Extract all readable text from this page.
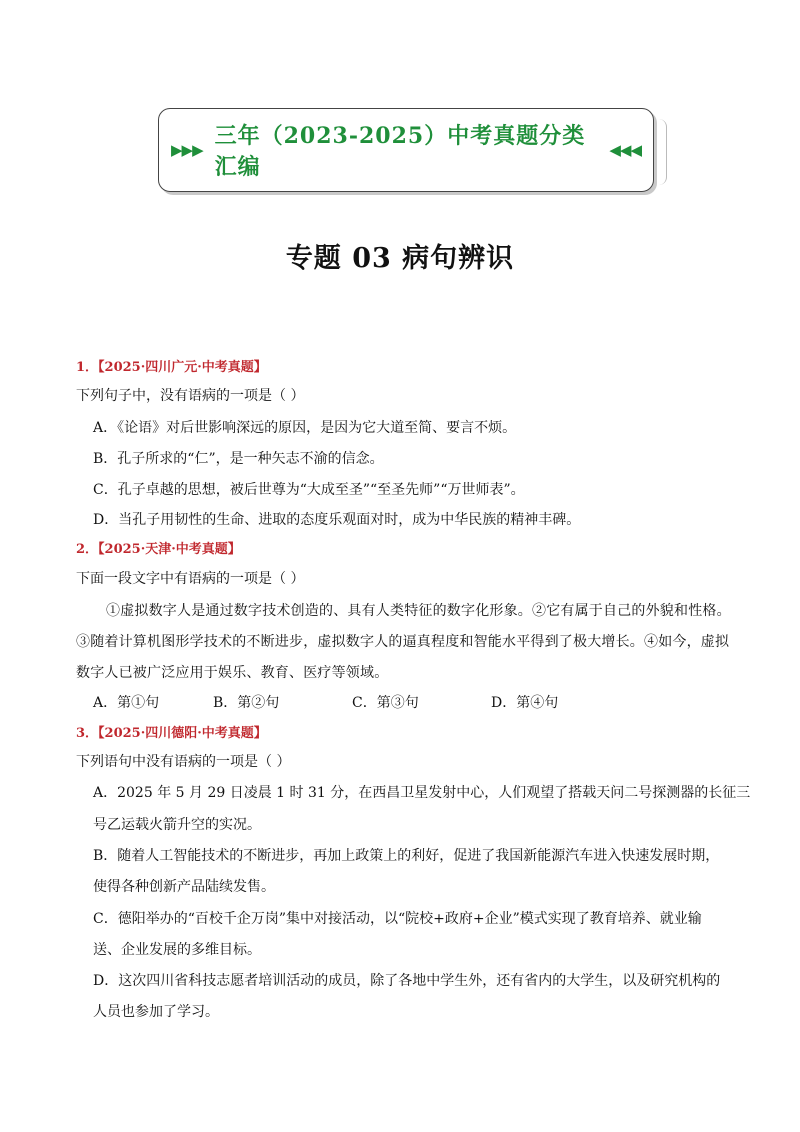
▶▶▶
三年（2023-2025）中考真题分类汇编
◀◀◀
专题 03 病句辨识
1．【2025·四川广元·中考真题】
下列句子中，没有语病的一项是（ ）
A．《论语》对后世影响深远的原因，是因为它大道至简、要言不烦。
B．孔子所求的“仁”，是一种矢志不渝的信念。
C．孔子卓越的思想，被后世尊为“大成至圣”“至圣先师”“万世师表”。
D．当孔子用韧性的生命、进取的态度乐观面对时，成为中华民族的精神丰碑。
2．【2025·天津·中考真题】
下面一段文字中有语病的一项是（ ）
①虚拟数字人是通过数字技术创造的、具有人类特征的数字化形象。②它有属于自己的外貌和性格。
③随着计算机图形学技术的不断进步，虚拟数字人的逼真程度和智能水平得到了极大增长。④如今，虚拟
数字人已被广泛应用于娱乐、教育、医疗等领域。
A．第①句	B．第②句	C．第③句	D．第④句
3．【2025·四川德阳·中考真题】
下列语句中没有语病的一项是（ ）
A．2025 年 5 月 29 日凌晨 1 时 31 分，在西昌卫星发射中心，人们观望了搭载天问二号探测器的长征三
号乙运载火箭升空的实况。
B．随着人工智能技术的不断进步，再加上政策上的利好，促进了我国新能源汽车进入快速发展时期，
使得各种创新产品陆续发售。
C．德阳举办的“百校千企万岗”集中对接活动，以“院校+政府+企业”模式实现了教育培养、就业输
送、企业发展的多维目标。
D．这次四川省科技志愿者培训活动的成员，除了各地中学生外，还有省内的大学生，以及研究机构的
人员也参加了学习。
